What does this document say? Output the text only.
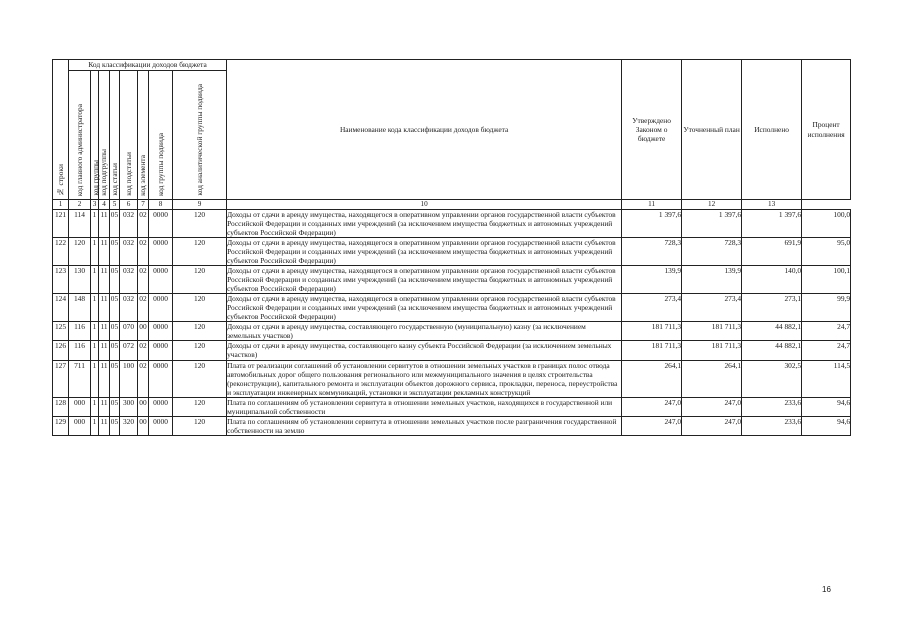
№ строки	Код классификации доходов бюджета								Наименование кода классификации доходов бюджета	Утверждено Законом о бюджете	Уточненный план	Исполнено	Процент исполнения

	код главного администратора	код группы	код подгруппы	код статьи	код подстатьи	код элемента	код группы подвида	код аналитической группы подвида					

1	2	3	4	5	6	7	8	9	10	11	12	13	
121	114	1	11	05	032	02	0000	120	Доходы от сдачи в аренду имущества, находящегося в оперативном управлении органов государственной власти субъектов Российской Федерации и созданных ими учреждений (за исключением имущества бюджетных и автономных учреждений субъектов Российской Федерации)	1 397,6	1 397,6	1 397,6	100,0
122	120	1	11	05	032	02	0000	120	Доходы от сдачи в аренду имущества, находящегося в оперативном управлении органов государственной власти субъектов Российской Федерации и созданных ими учреждений (за исключением имущества бюджетных и автономных учреждений субъектов Российской Федерации)	728,3	728,3	691,9	95,0
123	130	1	11	05	032	02	0000	120	Доходы от сдачи в аренду имущества, находящегося в оперативном управлении органов государственной власти субъектов Российской Федерации и созданных ими учреждений (за исключением имущества бюджетных и автономных учреждений субъектов Российской Федерации)	139,9	139,9	140,0	100,1
124	148	1	11	05	032	02	0000	120	Доходы от сдачи в аренду имущества, находящегося в оперативном управлении органов государственной власти субъектов Российской Федерации и созданных ими учреждений (за исключением имущества бюджетных и автономных учреждений субъектов Российской Федерации)	273,4	273,4	273,1	99,9
125	116	1	11	05	070	00	0000	120	Доходы от сдачи в аренду имущества, составляющего государственную (муниципальную) казну (за исключением земельных участков)	181 711,3	181 711,3	44 882,1	24,7
126	116	1	11	05	072	02	0000	120	Доходы от сдачи в аренду имущества, составляющего казну субъекта Российской Федерации (за исключением земельных участков)	181 711,3	181 711,3	44 882,1	24,7
127	711	1	11	05	100	02	0000	120	Плата от реализации соглашений об установлении сервитутов в отношении земельных участков в границах полос отвода автомобильных дорог общего пользования регионального или межмуниципального значения в целях строительства (реконструкции), капитального ремонта и эксплуатации объектов дорожного сервиса, прокладки, переноса, переустройства и эксплуатации инженерных коммуникаций, установки и эксплуатации рекламных конструкций	264,1	264,1	302,5	114,5
128	000	1	11	05	300	00	0000	120	Плата по соглашениям об установлении сервитута в отношении земельных участков, находящихся в государственной или муниципальной собственности	247,0	247,0	233,6	94,6
129	000	1	11	05	320	00	0000	120	Плата по соглашениям об установлении сервитута в отношении земельных участков после разграничения государственной собственности на землю	247,0	247,0	233,6	94,6
16
